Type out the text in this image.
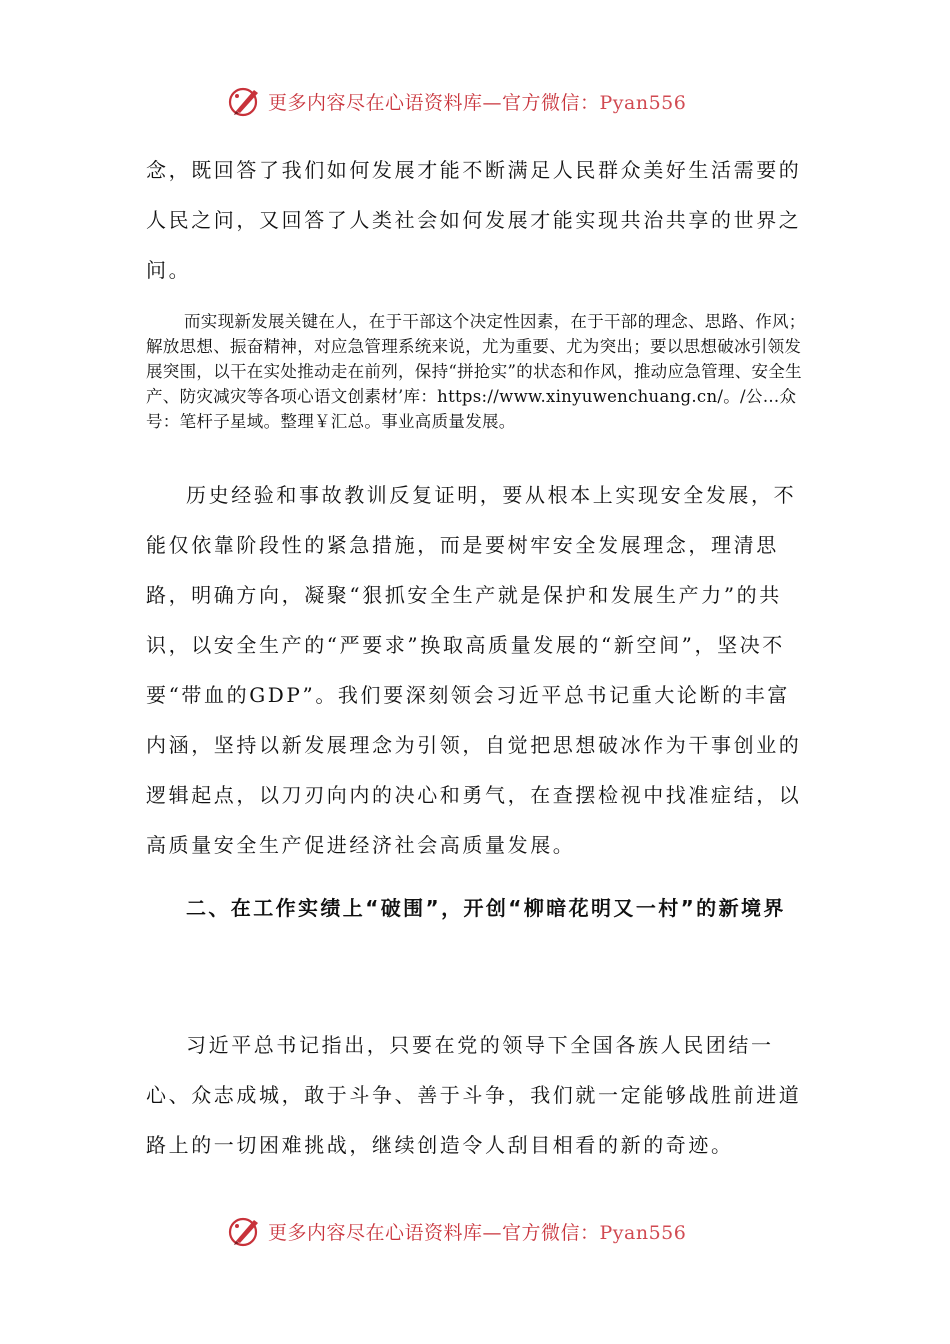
更多内容尽在心语资料库—官方微信：Pyan556

念，既回答了我们如何发展才能不断满足人民群众美好生活需要的人民之问，又回答了人类社会如何发展才能实现共治共享的世界之问。

而实现新发展关键在人，在于干部这个决定性因素，在于干部的理念、思路、作风；解放思想、振奋精神，对应急管理系统来说，尤为重要、尤为突出；要以思想破冰引领发展突围，以干在实处推动走在前列，保持“拼抢实”的状态和作风，推动应急管理、安全生产、防灾减灾等各项心语文创素材’库：https://www.xinyuwenchuang.cn/。/公…众号：笔杆子星域。整理￥汇总。事业高质量发展。

历史经验和事故教训反复证明，要从根本上实现安全发展，不能仅依靠阶段性的紧急措施，而是要树牢安全发展理念，理清思路，明确方向，凝聚“狠抓安全生产就是保护和发展生产力”的共识，以安全生产的“严要求”换取高质量发展的“新空间”，坚决不要“带血的GDP”。我们要深刻领会习近平总书记重大论断的丰富内涵，坚持以新发展理念为引领，自觉把思想破冰作为干事创业的逻辑起点，以刀刃向内的决心和勇气，在查摆检视中找准症结，以高质量安全生产促进经济社会高质量发展。

二、在工作实绩上“破围”，开创“柳暗花明又一村”的新境界

习近平总书记指出，只要在党的领导下全国各族人民团结一心、众志成城，敢于斗争、善于斗争，我们就一定能够战胜前进道路上的一切困难挑战，继续创造令人刮目相看的新的奇迹。

更多内容尽在心语资料库—官方微信：Pyan556
